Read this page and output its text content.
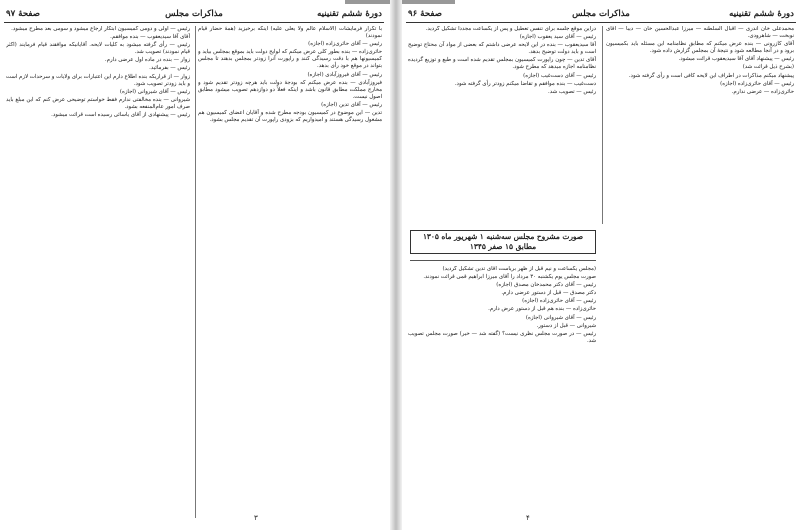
دورهٔ ششم تقنینیه
مذاکرات مجلس
صفحهٔ ۹۷

با تکرار فرمایشات (الاسلام عالم ولا یعلی علیه) اینکه برخیزید (همهٔ حضار قیام نمودند)

رئیس — آقای حائری‌زاده (اجازه)

حائری‌زاده — بنده بطور کلی عرض میکنم که لوایح دولت باید بموقع بمجلس بیاید و کمیسیونها هم با دقت رسیدگی کنند و راپورت آنرا زودتر بمجلس بدهند تا مجلس بتواند در موقع خود رأی بدهد.

رئیس — آقای فیروزآبادی (اجازه)

فیروزآبادی — بنده عرض میکنم که بودجهٔ دولت باید هرچه زودتر تقدیم شود و مخارج مملکت مطابق قانون باشد و اینکه فعلاً دو دوازدهم تصویب میشود مطابق اصول نیست.

رئیس — آقای تدین (اجازه)

تدین — این موضوع در کمیسیون بودجه مطرح شده و آقایان اعضای کمیسیون هم مشغول رسیدگی هستند و امیدواریم که بزودی راپورت آن تقدیم مجلس بشود.

رئیس — اولی و دومی کمیسیون ابتکار ارجاع میشود و سومی بعد مطرح میشود.

آقای آقا سیدیعقوب — بنده موافقم.

رئیس — رأی گرفته میشود به کلیات لایحه. آقایانیکه موافقند قیام فرمایند (اکثر قیام نمودند) تصویب شد.

زوار — بنده در ماده اول عرضی دارم.

رئیس — بفرمائید.

زوار — از قراریکه بنده اطلاع دارم این اعتبارات برای ولایات و سرحدات لازم است و باید زودتر تصویب شود.

رئیس — آقای شیروانی (اجازه)

شیروانی — بنده مخالفتی ندارم فقط خواستم توضیحی عرض کنم که این مبلغ باید صرف امور عام‌المنفعه بشود.

رئیس — پیشنهادی از آقای یاسائی رسیده است قرائت میشود.

۳
دورهٔ ششم تقنینیه
مذاکرات مجلس
صفحهٔ ۹۶

محمدعلی خان اندری — اقبال السلطنه — میرزا عبدالحسین خان — دیبا — آقای نوبخت — شاهرودی.

آقای کازرونی — بنده عرض میکنم که مطابق نظامنامه این مسئله باید بکمیسیون برود و در آنجا مطالعه شود و نتیجهٔ آن بمجلس گزارش داده شود.

رئیس — پیشنهاد آقای آقا سیدیعقوب قرائت میشود.

(بشرح ذیل قرائت شد)

پیشنهاد میکنم مذاکرات در اطراف این لایحه کافی است و رأی گرفته شود.

رئیس — آقای حائری‌زاده (اجازه)

حائری‌زاده — عرضی ندارم.

دراین موقع جلسه برای تنفس تعطیل و پس از یکساعت مجدداً تشکیل گردید.

رئیس — آقای سید یعقوب (اجازه)

آقا سیدیعقوب — بنده در این لایحه عرضی داشتم که بعضی از مواد آن محتاج توضیح است و باید دولت توضیح بدهد.

آقای تدین — چون راپورت کمیسیون بمجلس تقدیم شده است و طبع و توزیع گردیده نظامنامه اجازه میدهد که مطرح شود.

رئیس — آقای دست‌غیب (اجازه)

دست‌غیب — بنده موافقم و تقاضا میکنم زودتر رأی گرفته شود.

رئیس — تصویب شد.

صورت مشروح مجلس سه‌شنبه ۱ شهریور ماه ۱۳۰۵ مطابق ۱۵ صفر ۱۳۴۵

(مجلس یکساعت و نیم قبل از ظهر بریاست آقای تدین تشکیل گردید)

صورت مجلس یوم یکشنبه ۳۰ مرداد را آقای میرزا ابراهیم قمی قرائت نمودند.

رئیس — آقای دکتر محمدخان مصدق (اجازه)

دکتر مصدق — قبل از دستور عرضی دارم.

رئیس — آقای حائری‌زاده (اجازه)

حائری‌زاده — بنده هم قبل از دستور عرض دارم.

رئیس — آقای شیروانی (اجازه)

شیروانی — قبل از دستور.

رئیس — در صورت مجلس نظری نیست؟ (گفته شد — خیر) صورت مجلس تصویب شد.

۴
